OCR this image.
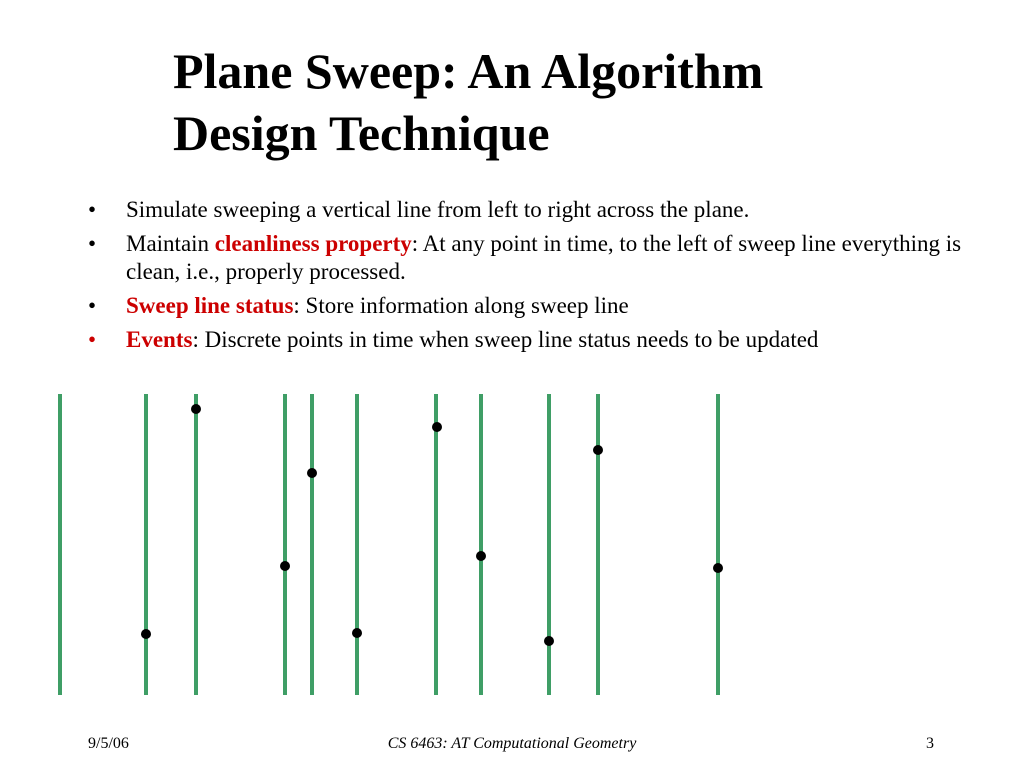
Plane Sweep: An Algorithm
Design Technique
• Simulate sweeping a vertical line from left to right across the plane.
• Maintain cleanliness property: At any point in time, to the left of sweep line everything is clean, i.e., properly processed.
• Sweep line status: Store information along sweep line
• Events: Discrete points in time when sweep line status needs to be updated
9/5/06	CS 6463: AT Computational Geometry	3
